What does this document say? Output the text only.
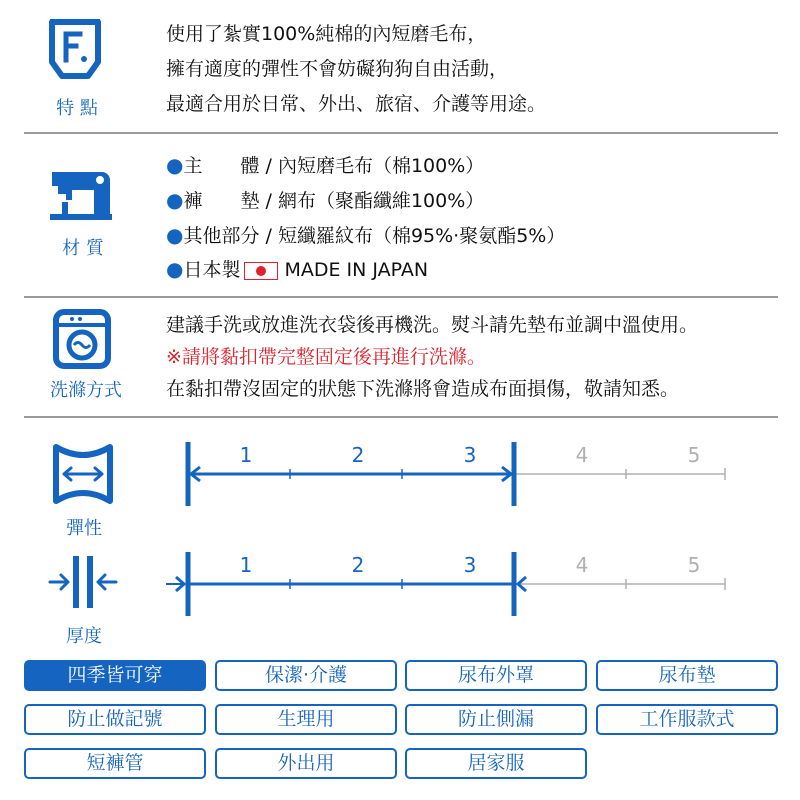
特 點
使用了紮實100%純棉的內短磨毛布，
擁有適度的彈性不會妨礙狗狗自由活動，
最適合用於日常、外出、旅宿、介護等用途。
材 質
●主　　體 / 內短磨毛布（棉100%）
●褲　　墊 / 網布（聚酯纖維100%）
●其他部分 / 短纖羅紋布（棉95%‧聚氨酯5%）
●日本製 MADE IN JAPAN
洗滌方式
建議手洗或放進洗衣袋後再機洗。熨斗請先墊布並調中溫使用。
※請將黏扣帶完整固定後再進行洗滌。
在黏扣帶沒固定的狀態下洗滌將會造成布面損傷，敬請知悉。
彈性
1	2	3	4	5
厚度
1	2	3	4	5
四季皆可穿	保潔‧介護	尿布外罩	尿布墊
防止做記號	生理用	防止側漏	工作服款式
短褲管	外出用	居家服
